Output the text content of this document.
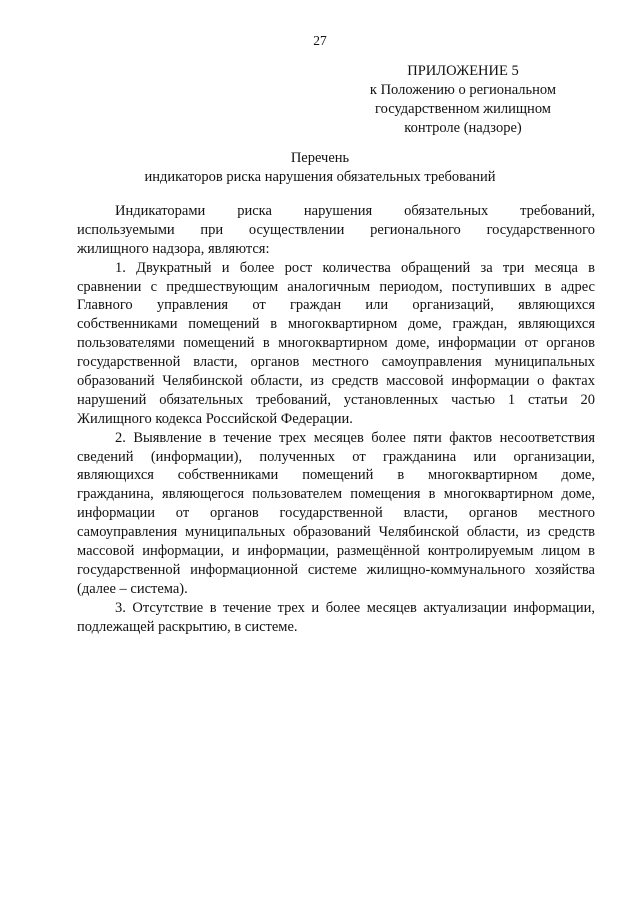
27
ПРИЛОЖЕНИЕ 5
к Положению о региональном
государственном жилищном
контроле (надзоре)
Перечень
индикаторов риска нарушения обязательных требований
Индикаторами риска нарушения обязательных требований,
используемыми при осуществлении регионального государственного
жилищного надзора, являются:
1. Двукратный и более рост количества обращений за три месяца в
сравнении с предшествующим аналогичным периодом, поступивших в адрес
Главного управления от граждан или организаций, являющихся
собственниками помещений в многоквартирном доме, граждан, являющихся
пользователями помещений в многоквартирном доме, информации от органов
государственной власти, органов местного самоуправления муниципальных
образований Челябинской области, из средств массовой информации о фактах
нарушений обязательных требований, установленных частью 1 статьи 20
Жилищного кодекса Российской Федерации.
2. Выявление в течение трех месяцев более пяти фактов несоответствия
сведений (информации), полученных от гражданина или организации,
являющихся собственниками помещений в многоквартирном доме,
гражданина, являющегося пользователем помещения в многоквартирном доме,
информации от органов государственной власти, органов местного
самоуправления муниципальных образований Челябинской области, из средств
массовой информации, и информации, размещённой контролируемым лицом в
государственной информационной системе жилищно-коммунального хозяйства
(далее – система).
3. Отсутствие в течение трех и более месяцев актуализации информации,
подлежащей раскрытию, в системе.
